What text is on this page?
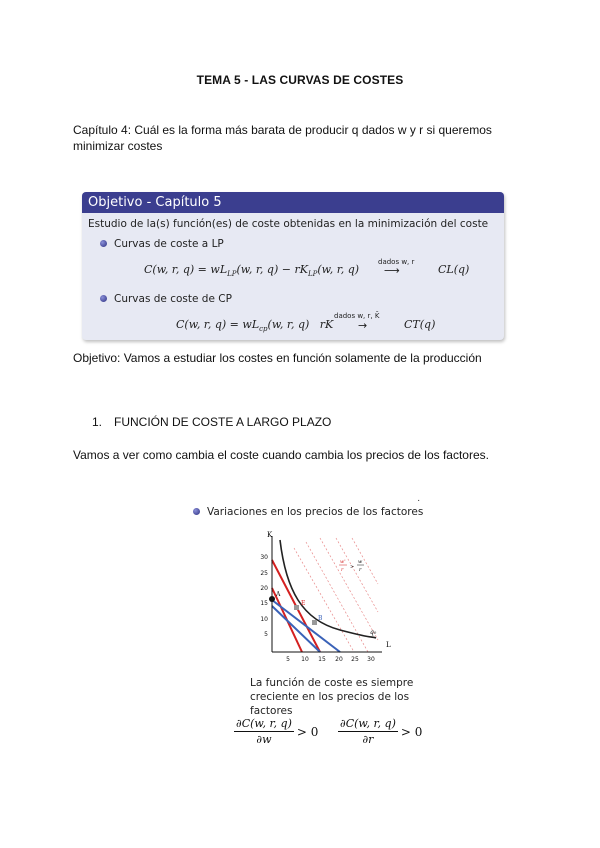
TEMA 5 - LAS CURVAS DE COSTES
Capítulo 4: Cuál es la forma más barata de producir q dados w y r si queremos minimizar costes
Objetivo - Capítulo 5
Estudio de la(s) función(es) de coste obtenidas en la minimización del coste
Curvas de coste a LP
C(w, r, $q) = wL_{LP}(w$, r, $q) - rK_{LP}(w$, r, q)
dados w, r
⟶	CL(q)
Curvas de coste de CP
C(w, r, $q) = wL_{cp}(w$, r, q)   rK
dados w, r, K̄
→	CT(q)
Objetivo: Vamos a estudiar los costes en función solamente de la producción
1. FUNCIÓN DE COSTE A LARGO PLAZO
Vamos a ver como cambia el coste cuando cambia los precios de los factores.
·
Variaciones en los precios de los factores
K
L
30
25
20
15
10
5
5 10 15 20 25 30
A
E
B
q₀
w'
r >
w
r
La función de coste es siempre creciente en los precios de los factores
$\frac{\partial C(w, r, q)}{\partial w} > 0 \frac{\partial C(w, r, q)}{\partial r} > 0$
